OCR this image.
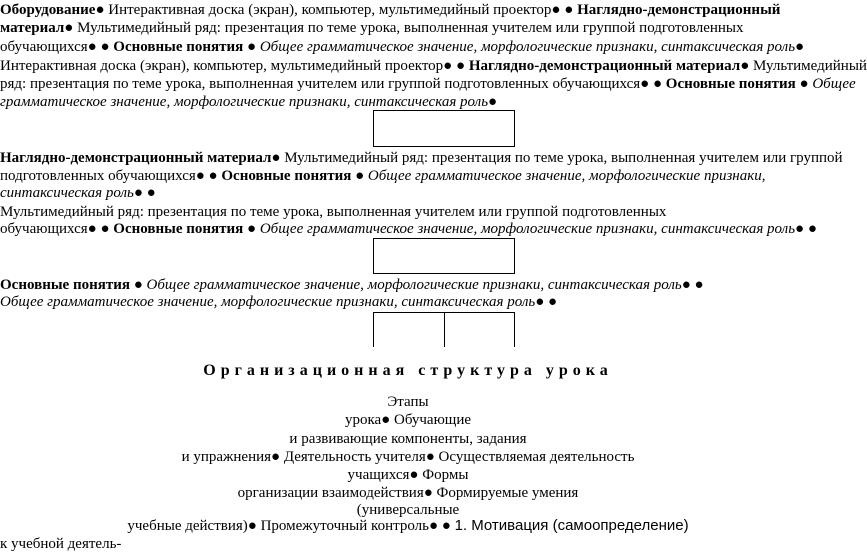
Оборудование● Интерактивная доска (экран), компьютер, мультимедийный проектор● ● Наглядно-демонстрационный
материал● Мультимедийный ряд: презентация по теме урока, выполненная учителем или группой подготовленных
обучающихся● ● Основные понятия ● Общее грамматическое значение, морфологические признаки, синтаксическая роль●
Интерактивная доска (экран), компьютер, мультимедийный проектор● ● Наглядно-демонстрационный материал● Мультимедийный
ряд: презентация по теме урока, выполненная учителем или группой подготовленных обучающихся● ● Основные понятия ● Общее
грамматическое значение, морфологические признаки, синтаксическая роль●
Наглядно-демонстрационный материал● Мультимедийный ряд: презентация по теме урока, выполненная учителем или группой
подготовленных обучающихся● ● Основные понятия ● Общее грамматическое значение, морфологические признаки,
синтаксическая роль● ●
Мультимедийный ряд: презентация по теме урока, выполненная учителем или группой подготовленных
обучающихся● ● Основные понятия ● Общее грамматическое значение, морфологические признаки, синтаксическая роль● ●
Основные понятия ● Общее грамматическое значение, морфологические признаки, синтаксическая роль● ●
Общее грамматическое значение, морфологические признаки, синтаксическая роль● ●
Организационная структура урока
Этапы
урока● Обучающие
и развивающие компоненты, задания
и упражнения● Деятельность учителя● Осуществляемая деятельность
учащихся● Формы
организации взаимодействия● Формируемые умения
(универсальные
учебные действия)● Промежуточный контроль● ● 1. Мотивация (самоопределение)
к учебной деятель-
